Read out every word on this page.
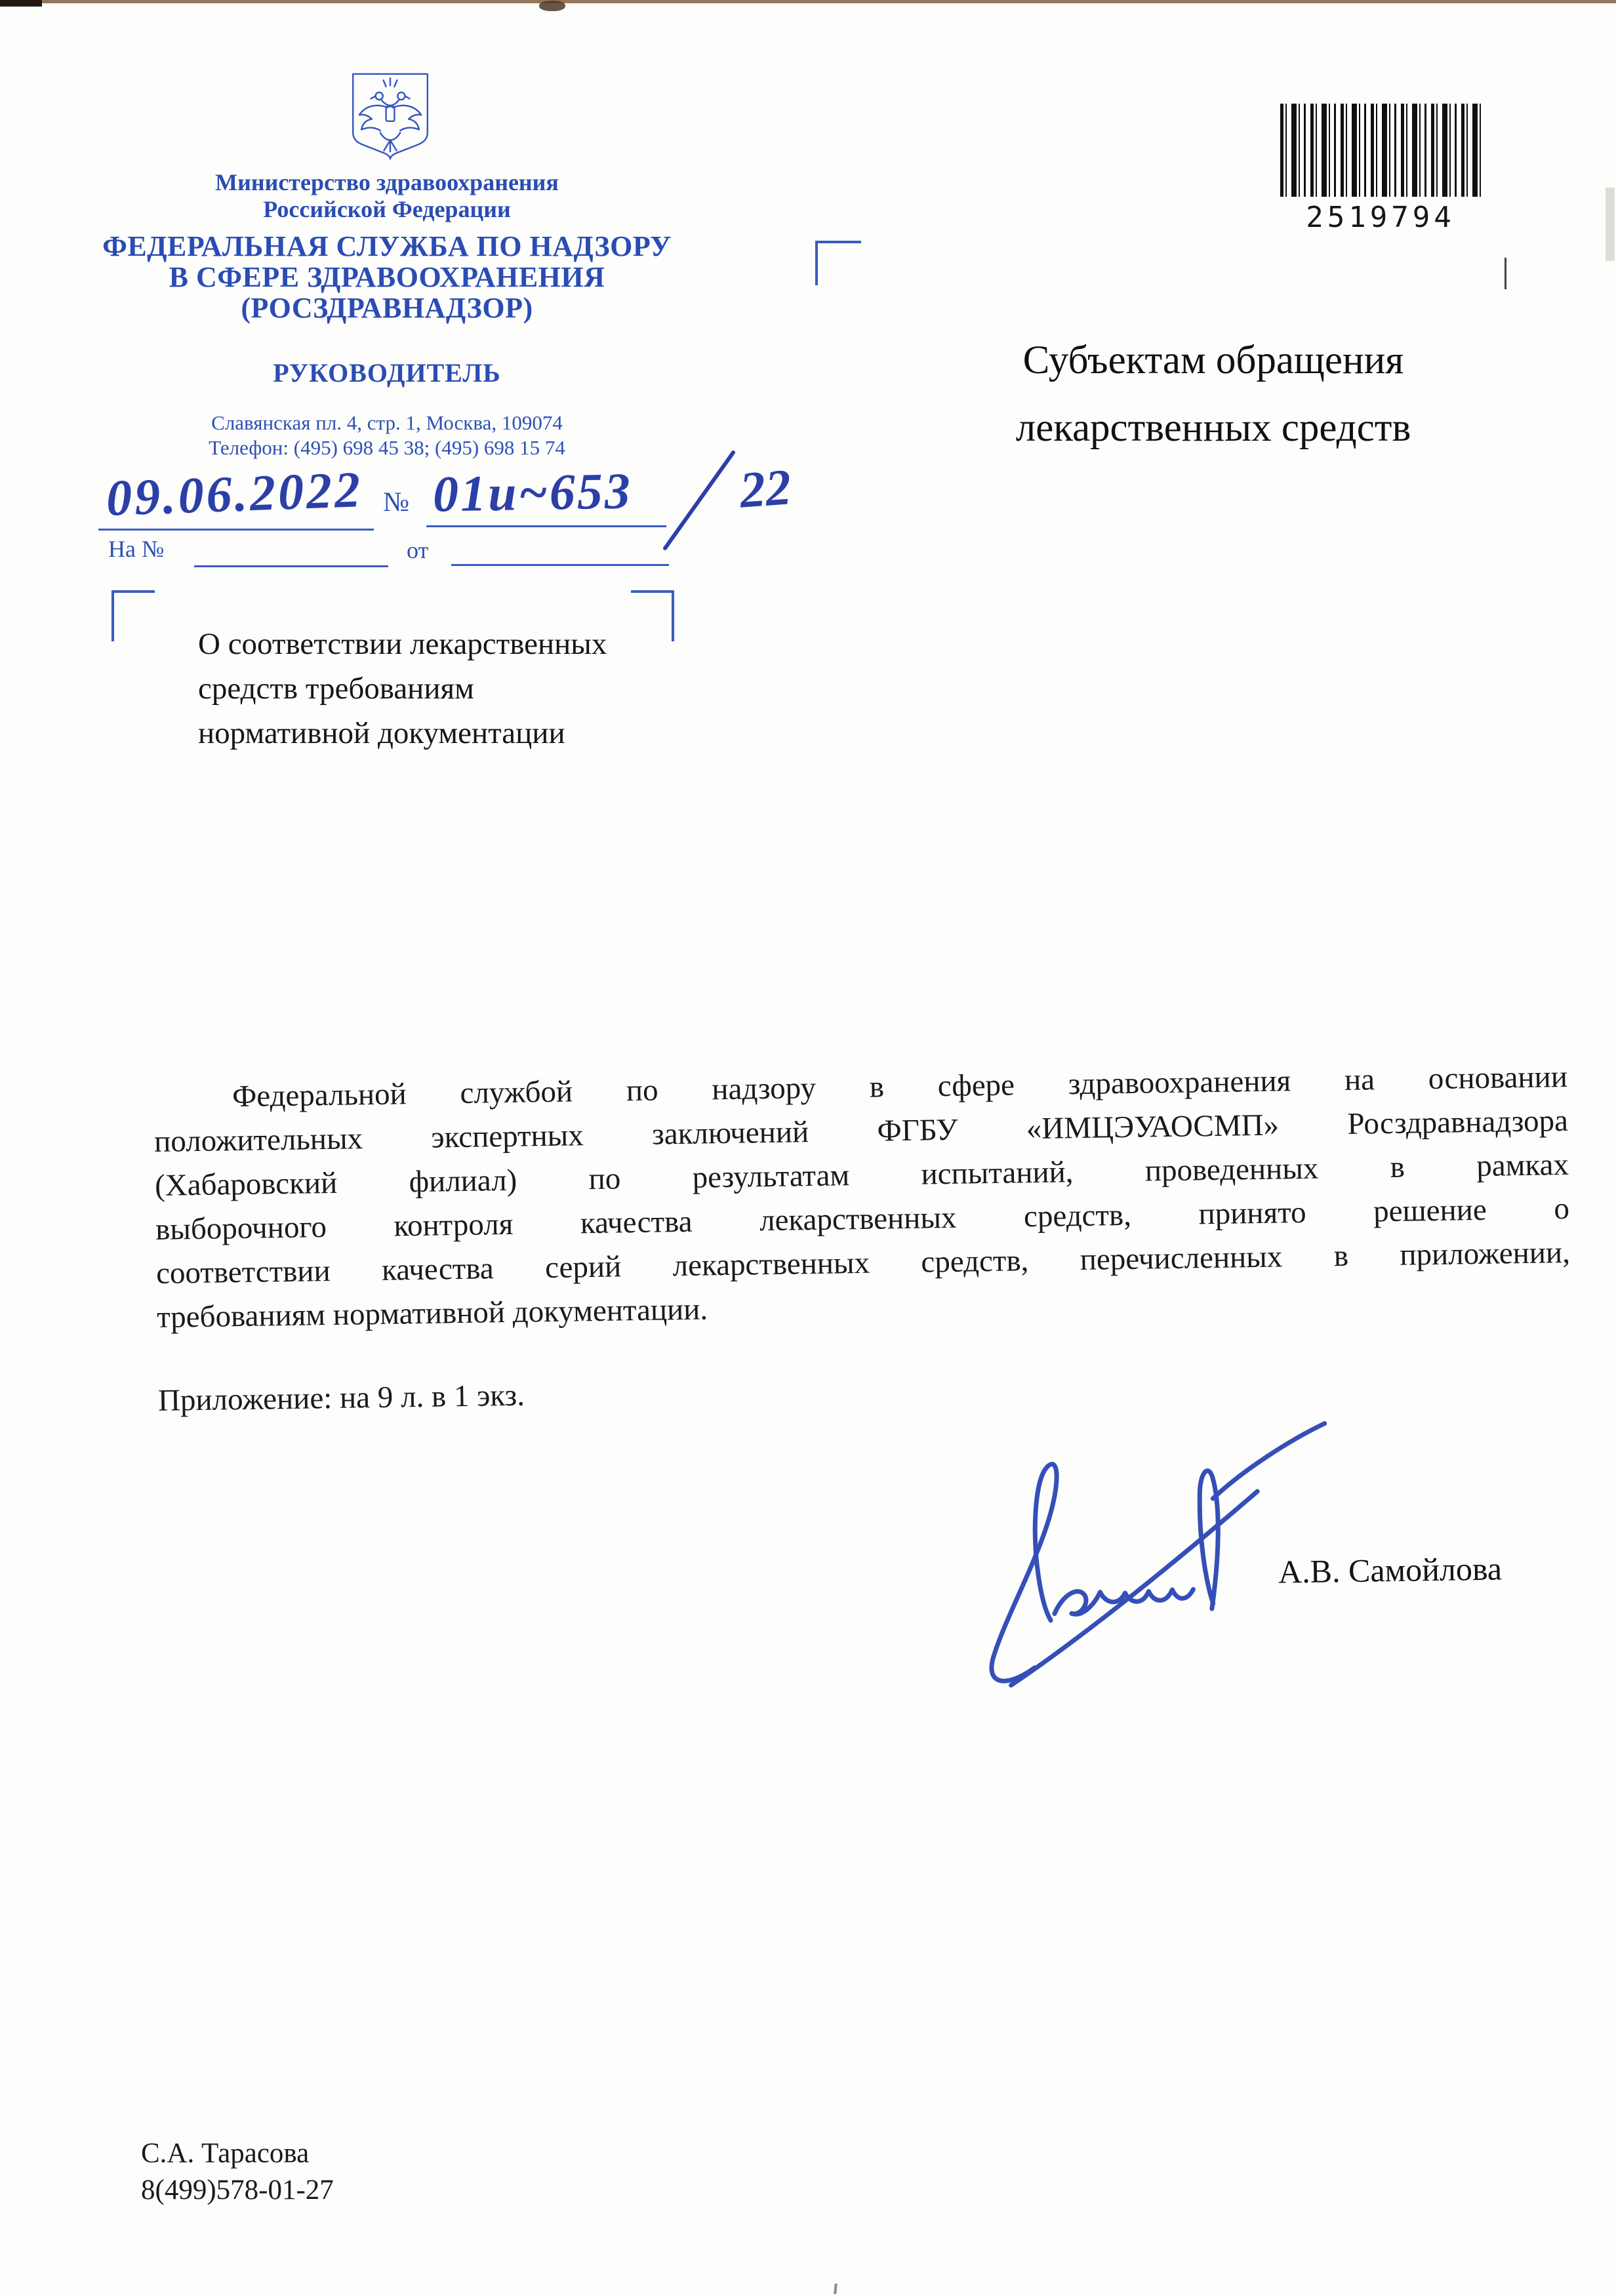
Министерство здравоохранения
Российской Федерации
ФЕДЕРАЛЬНАЯ СЛУЖБА ПО НАДЗОРУ
В СФЕРЕ ЗДРАВООХРАНЕНИЯ
(РОСЗДРАВНАДЗОР)
РУКОВОДИТЕЛЬ
Славянская пл. 4, стр. 1, Москва, 109074
Телефон: (495) 698 45 38; (495) 698 15 74
2519794
Субъектам обращения
лекарственных средств
09.06.2022 № 01и~653 22
На №	от
О соответствии лекарственных
средств требованиям
нормативной документации
Федеральной службой по надзору в сфере здравоохранения на основании
положительных экспертных заключений ФГБУ «ИМЦЭУАОСМП» Росздравнадзора
(Хабаровский филиал) по результатам испытаний, проведенных в рамках
выборочного контроля качества лекарственных средств, принято решение о
соответствии качества серий лекарственных средств, перечисленных в приложении,
требованиям нормативной документации.
Приложение: на 9 л. в 1 экз.
А.В. Самойлова
С.А. Тарасова
8(499)578-01-27
